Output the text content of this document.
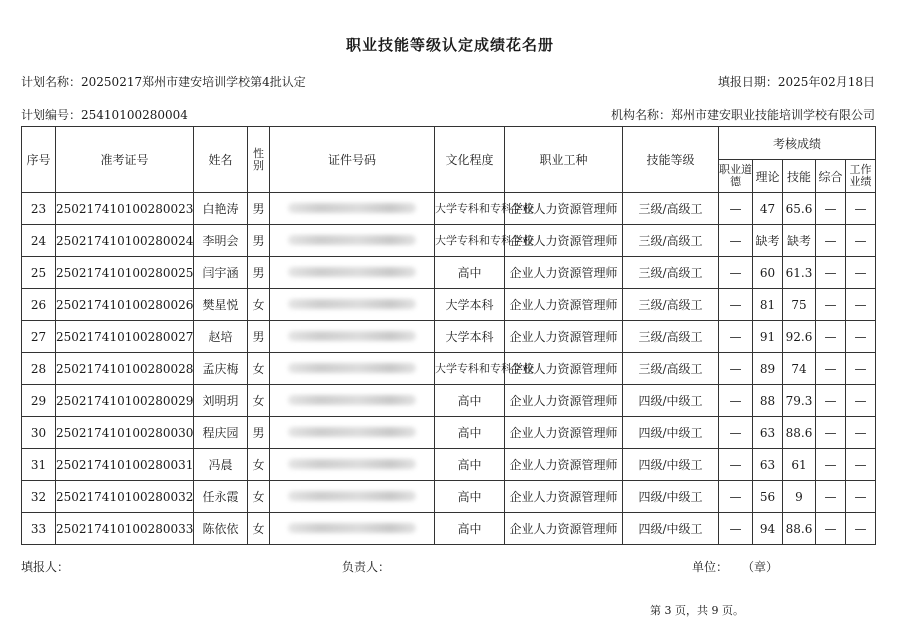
职业技能等级认定成绩花名册
计划名称：20250217郑州市建安培训学校第4批认定	填报日期：2025年02月18日
计划编号：25410100280004	机构名称：郑州市建安职业技能培训学校有限公司
序号	准考证号	姓名	性别	证件号码	文化程度	职业工种	技能等级	考核成绩				
								职业道德	理论	技能	综合	工作业绩
23	250217410100280023	白艳涛	男		大学专科和专科学校	企业人力资源管理师	三级/高级工	—	47	65.6	—	—
24	250217410100280024	李明会	男		大学专科和专科学校	企业人力资源管理师	三级/高级工	—	缺考	缺考	—	—
25	250217410100280025	闫宇涵	男		高中	企业人力资源管理师	三级/高级工	—	60	61.3	—	—
26	250217410100280026	樊星悦	女		大学本科	企业人力资源管理师	三级/高级工	—	81	75	—	—
27	250217410100280027	赵培	男		大学本科	企业人力资源管理师	三级/高级工	—	91	92.6	—	—
28	250217410100280028	孟庆梅	女		大学专科和专科学校	企业人力资源管理师	三级/高级工	—	89	74	—	—
29	250217410100280029	刘明玥	女		高中	企业人力资源管理师	四级/中级工	—	88	79.3	—	—
30	250217410100280030	程庆园	男		高中	企业人力资源管理师	四级/中级工	—	63	88.6	—	—
31	250217410100280031	冯晨	女		高中	企业人力资源管理师	四级/中级工	—	63	61	—	—
32	250217410100280032	任永霞	女		高中	企业人力资源管理师	四级/中级工	—	56	9	—	—
33	250217410100280033	陈依依	女		高中	企业人力资源管理师	四级/中级工	—	94	88.6	—	—
填报人：	负责人：	单位： （章）
第 3 页，共 9 页。
